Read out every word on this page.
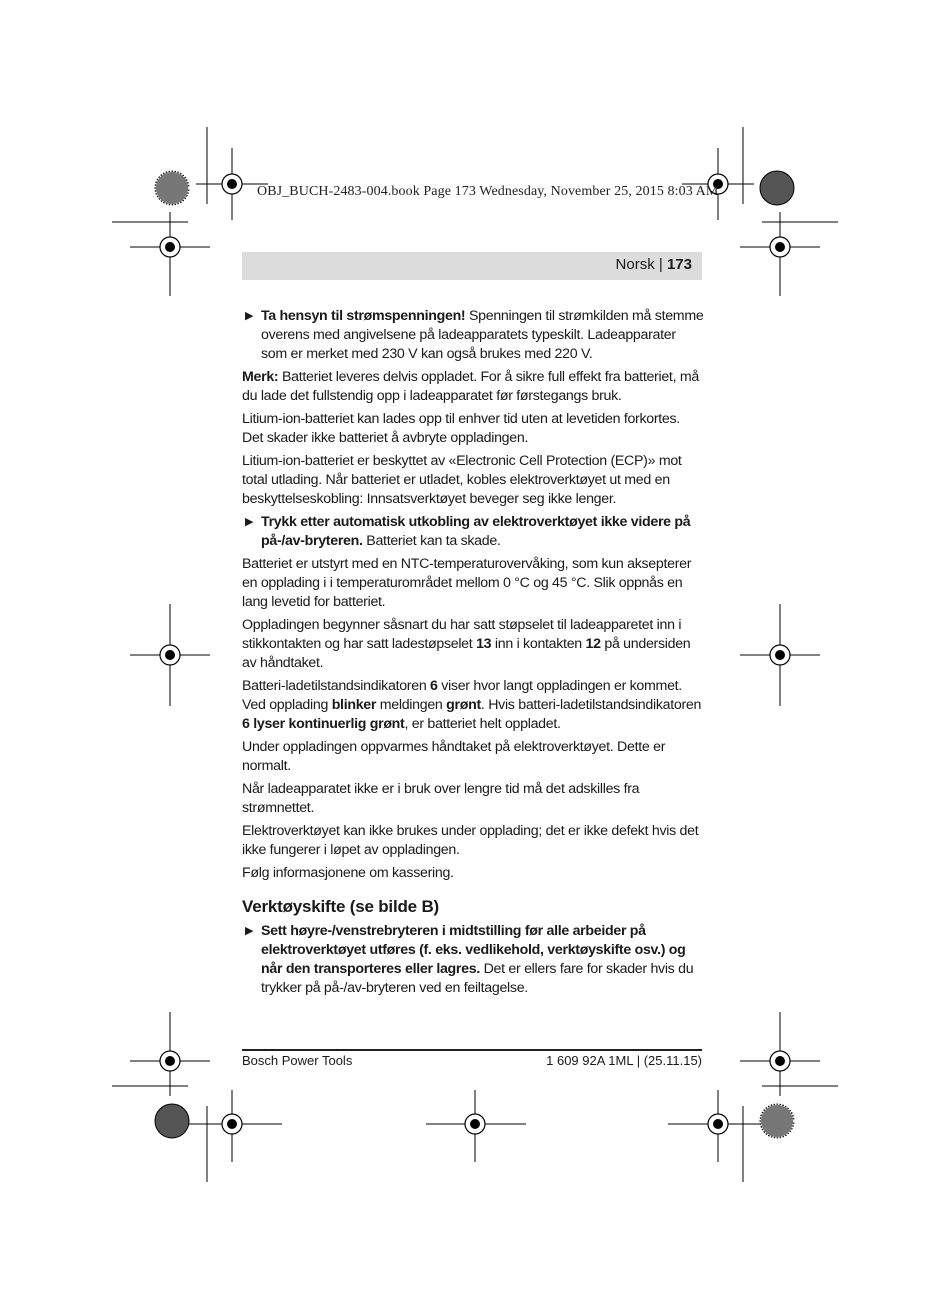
OBJ_BUCH-2483-004.book Page 173 Wednesday, November 25, 2015 8:03 AM
Norsk | 173
▶ Ta hensyn til strømspenningen! Spenningen til strømkilden må stemme overens med angivelsene på ladeapparatets typeskilt. Ladeapparater som er merket med 230 V kan også brukes med 220 V.

Merk: Batteriet leveres delvis oppladet. For å sikre full effekt fra batteriet, må du lade det fullstendig opp i ladeapparatet før førstegangs bruk.

Litium-ion-batteriet kan lades opp til enhver tid uten at levetiden forkortes. Det skader ikke batteriet å avbryte oppladingen.

Litium-ion-batteriet er beskyttet av «Electronic Cell Protection (ECP)» mot total utlading. Når batteriet er utladet, kobles elektroverktøyet ut med en beskyttelseskobling: Innsatsverktøyet beveger seg ikke lenger.

▶ Trykk etter automatisk utkobling av elektroverktøyet ikke videre på på-/av-bryteren. Batteriet kan ta skade.

Batteriet er utstyrt med en NTC-temperaturovervåking, som kun aksepterer en opplading i i temperaturområdet mellom 0 °C og 45 °C. Slik oppnås en lang levetid for batteriet.

Oppladingen begynner såsnart du har satt støpselet til ladeapparetet inn i stikkontakten og har satt ladestøpselet 13 inn i kontakten 12 på undersiden av håndtaket.

Batteri-ladetilstandsindikatoren 6 viser hvor langt oppladingen er kommet. Ved opplading blinker meldingen grønt. Hvis batteri-ladetilstandsindikatoren 6 lyser kontinuerlig grønt, er batteriet helt oppladet.

Under oppladingen oppvarmes håndtaket på elektroverktøyet. Dette er normalt.

Når ladeapparatet ikke er i bruk over lengre tid må det adskilles fra strømnettet.

Elektroverktøyet kan ikke brukes under opplading; det er ikke defekt hvis det ikke fungerer i løpet av oppladingen.

Følg informasjonene om kassering.

Verktøyskifte (se bilde B)
▶ Sett høyre-/venstrebryteren i midtstilling før alle arbeider på elektroverktøyet utføres (f. eks. vedlikehold, verktøyskifte osv.) og når den transporteres eller lagres. Det er ellers fare for skader hvis du trykker på på-/av-bryteren ved en feiltagelse.
Bosch Power Tools	1 609 92A 1ML | (25.11.15)
